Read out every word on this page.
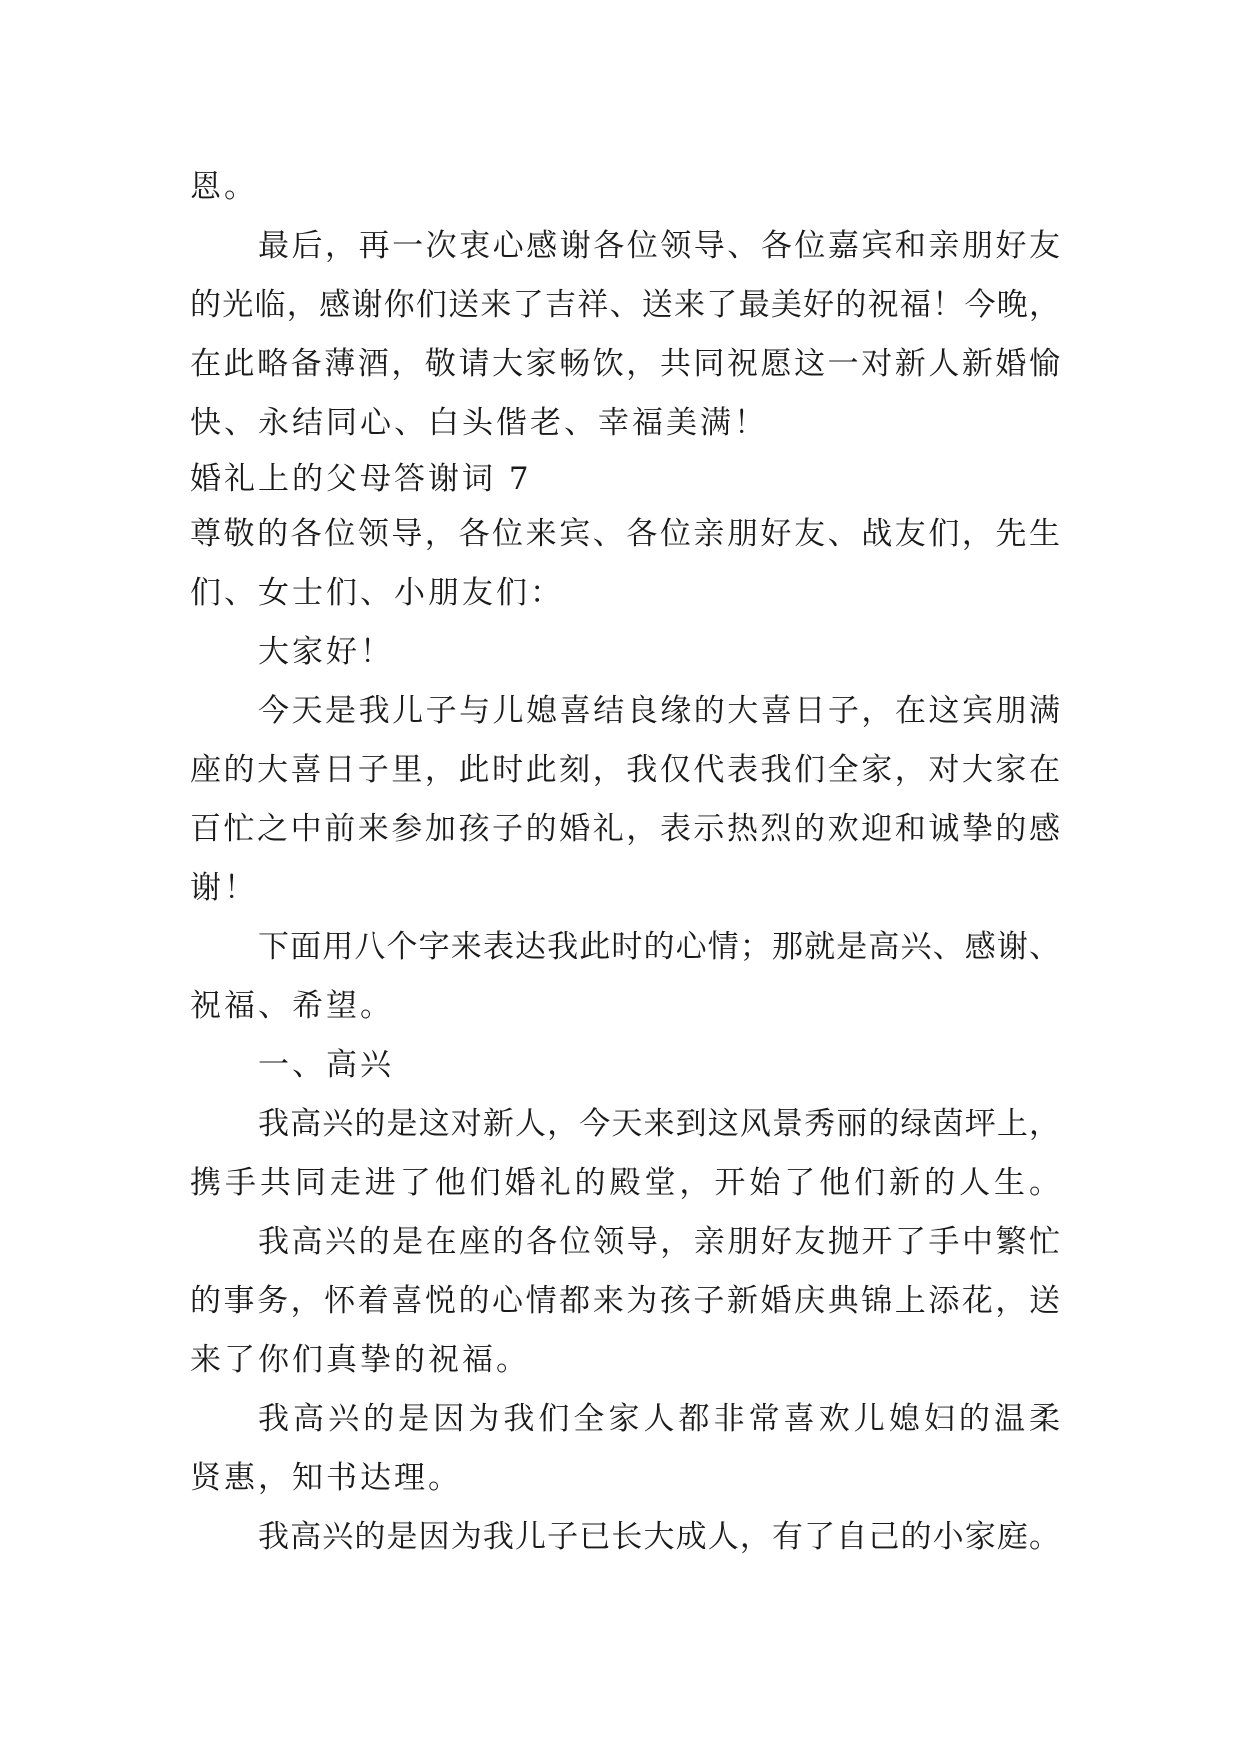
恩。
最后，再一次衷心感谢各位领导、各位嘉宾和亲朋好友
的光临，感谢你们送来了吉祥、送来了最美好的祝福！今晚，
在此略备薄酒，敬请大家畅饮，共同祝愿这一对新人新婚愉
快、永结同心、白头偕老、幸福美满！
婚礼上的父母答谢词 7
尊敬的各位领导，各位来宾、各位亲朋好友、战友们，先生
们、女士们、小朋友们：
大家好！
今天是我儿子与儿媳喜结良缘的大喜日子，在这宾朋满
座的大喜日子里，此时此刻，我仅代表我们全家，对大家在
百忙之中前来参加孩子的婚礼，表示热烈的欢迎和诚挚的感
谢！
下面用八个字来表达我此时的心情；那就是高兴、感谢、
祝福、希望。
一、高兴
我高兴的是这对新人，今天来到这风景秀丽的绿茵坪上，
携手共同走进了他们婚礼的殿堂，开始了他们新的人生。
我高兴的是在座的各位领导，亲朋好友抛开了手中繁忙
的事务，怀着喜悦的心情都来为孩子新婚庆典锦上添花，送
来了你们真挚的祝福。
我高兴的是因为我们全家人都非常喜欢儿媳妇的温柔
贤惠，知书达理。
我高兴的是因为我儿子已长大成人，有了自己的小家庭。
